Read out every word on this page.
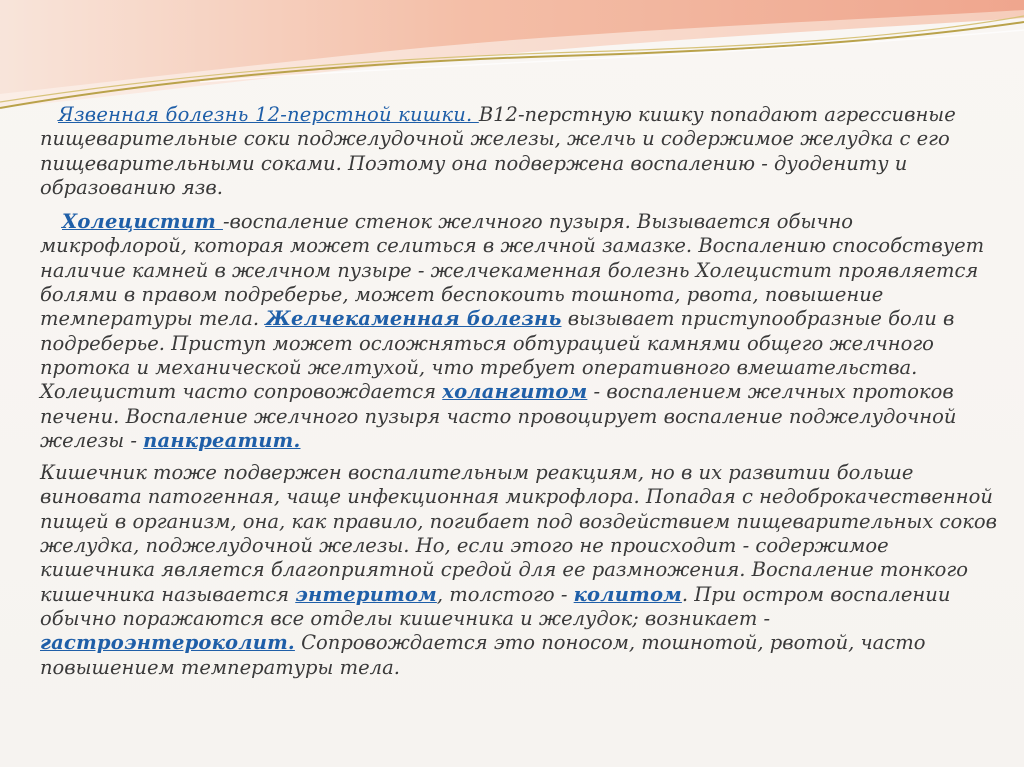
Язвенная болезнь 12-перстной кишки. В12-перстную кишку попадают агрессивные пищеварительные соки поджелудочной железы, желчь и содержимое желудка с его пищеварительными соками. Поэтому она подвержена воспалению - дуодениту и образованию язв.

Холецистит -воспаление стенок желчного пузыря. Вызывается обычно микрофлорой, которая может селиться в желчной замазке. Воспалению способствует наличие камней в желчном пузыре - желчекаменная болезнь Холецистит проявляется болями в правом подреберье, может беспокоить тошнота, рвота, повышение температуры тела. Желчекаменная болезнь вызывает приступообразные боли в подреберье. Приступ может осложняться обтурацией камнями общего желчного протока и механической желтухой, что требует оперативного вмешательства. Холецистит часто сопровождается холангитом - воспалением желчных протоков печени. Воспаление желчного пузыря часто провоцирует воспаление поджелудочной железы - панкреатит.

Кишечник тоже подвержен воспалительным реакциям, но в их развитии больше виновата патогенная, чаще инфекционная микрофлора. Попадая с недоброкачественной пищей в организм, она, как правило, погибает под воздействием пищеварительных соков желудка, поджелудочной железы. Но, если этого не происходит - содержимое кишечника является благоприятной средой для ее размножения. Воспаление тонкого кишечника называется энтеритом, толстого - колитом. При остром воспалении обычно поражаются все отделы кишечника и желудок; возникает - гастроэнтероколит. Сопровождается это поносом, тошнотой, рвотой, часто повышением температуры тела.
